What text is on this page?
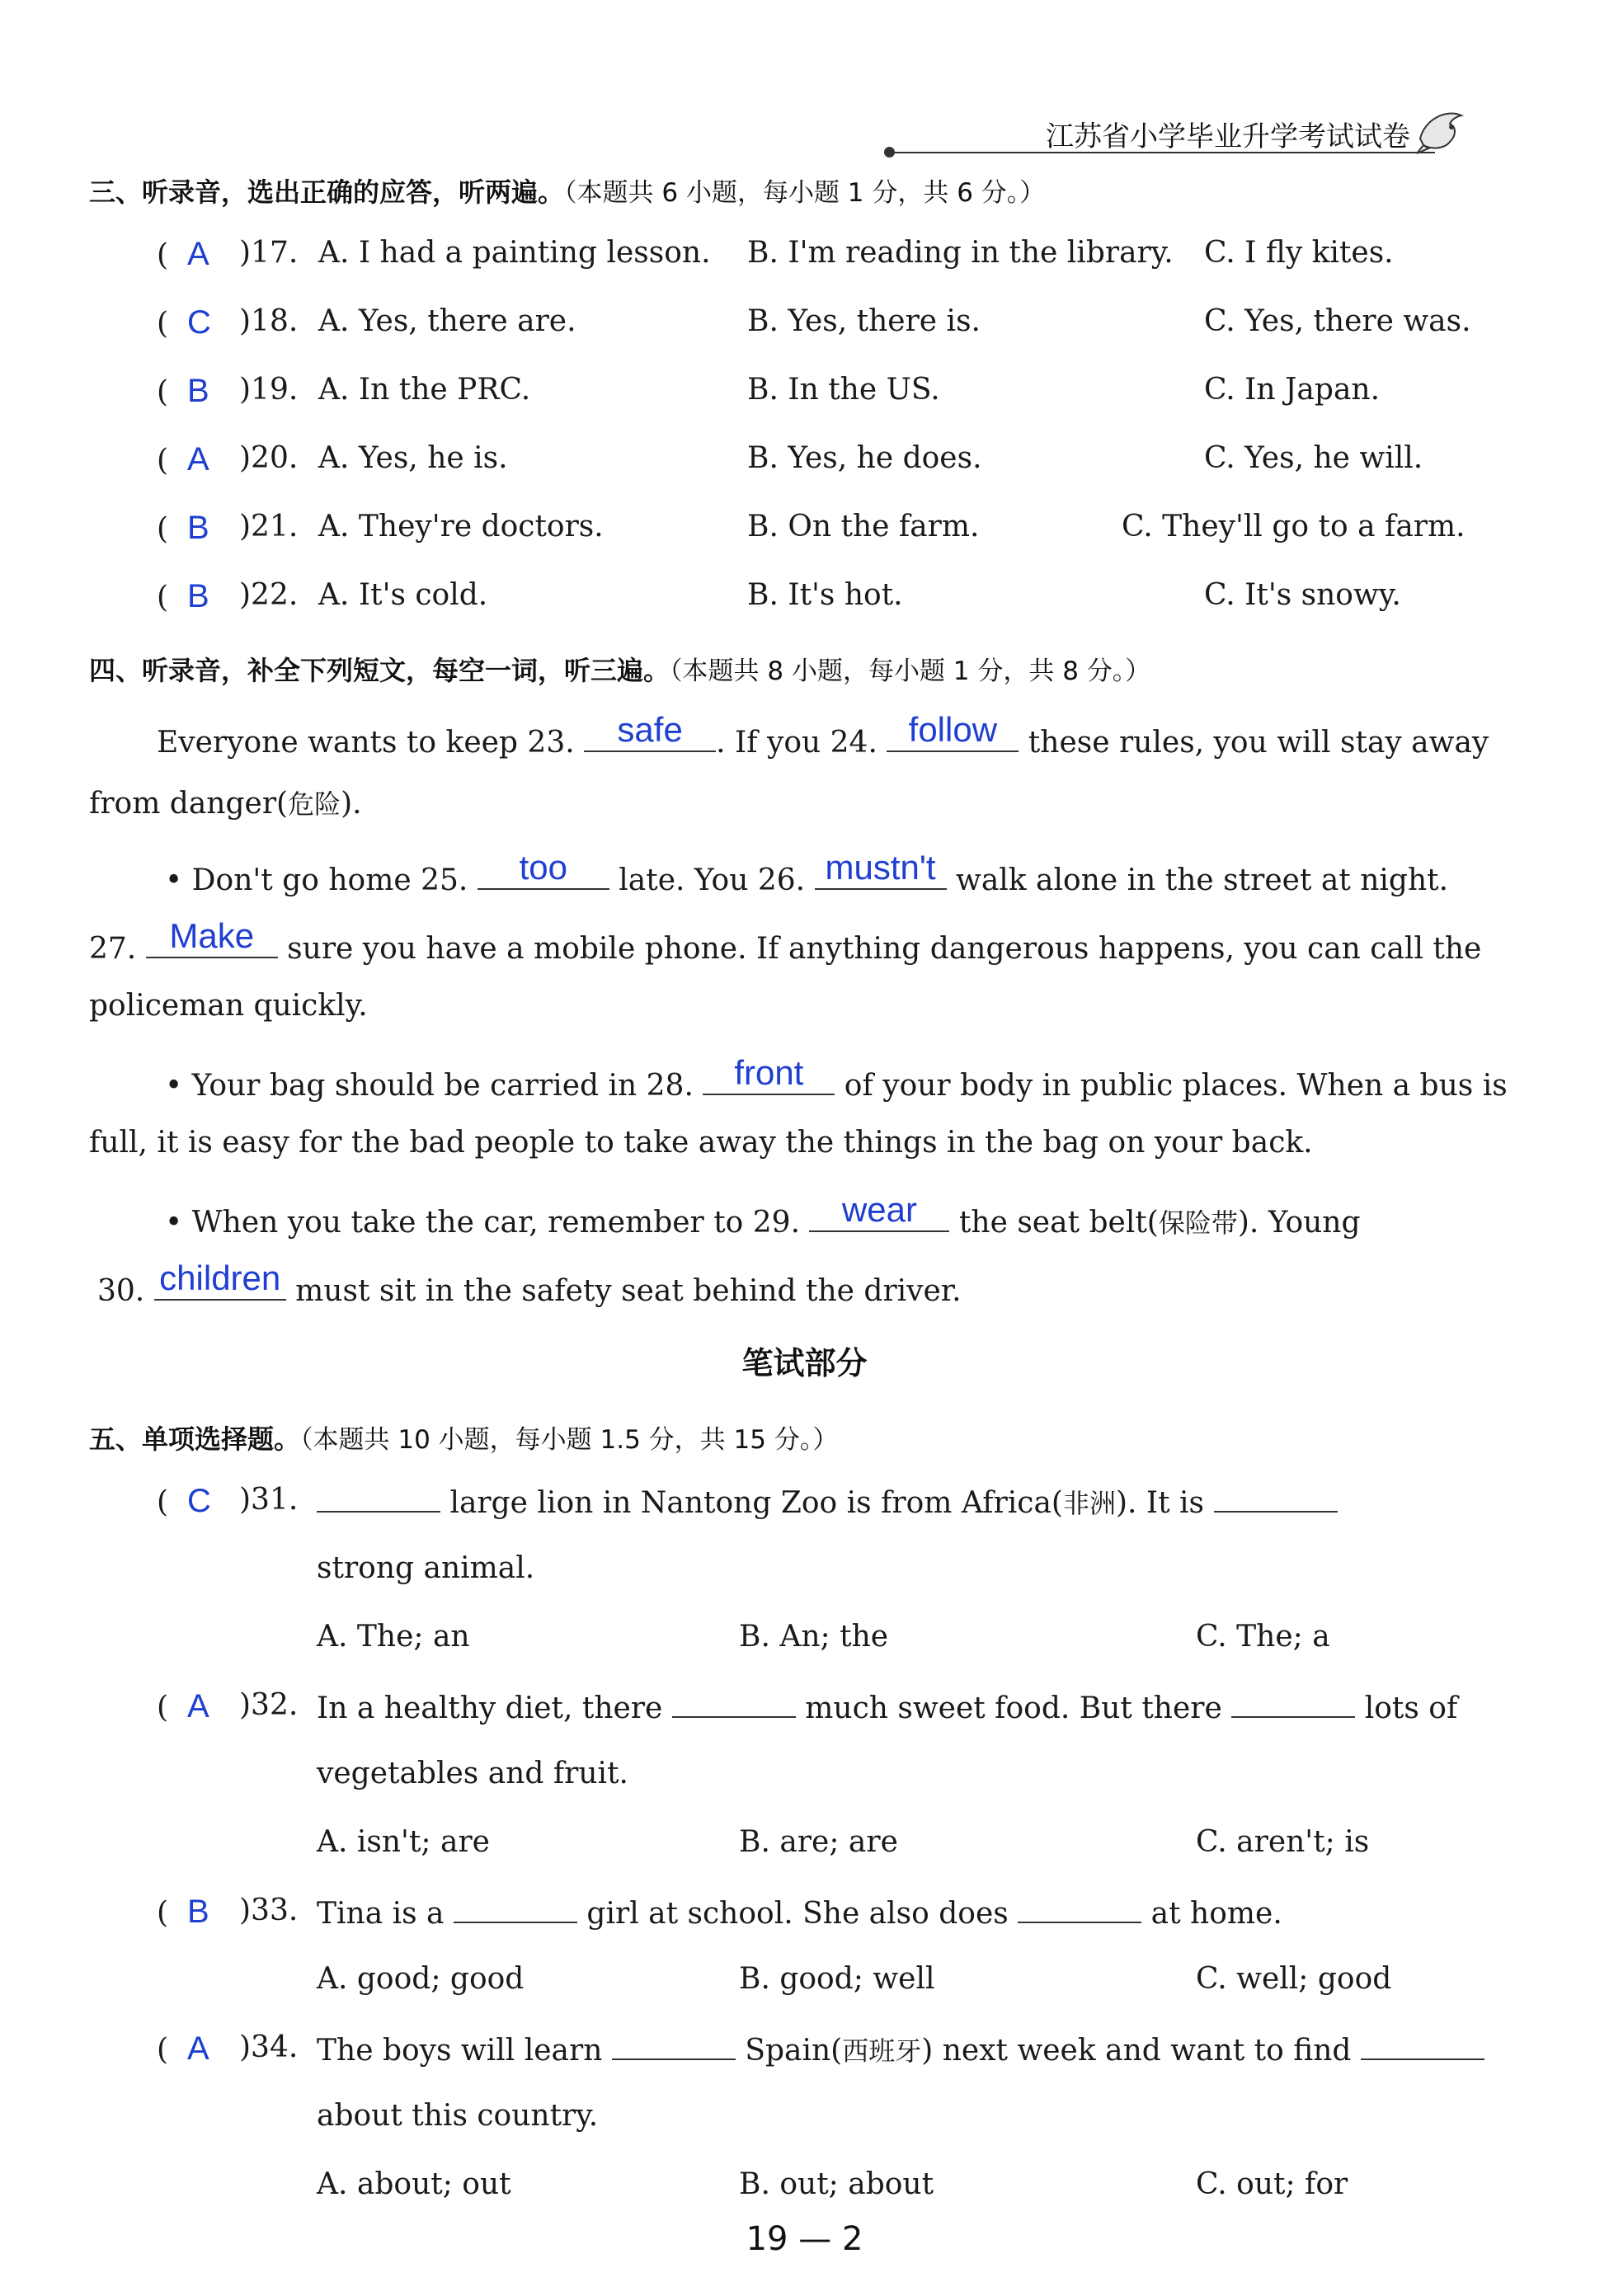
江苏省小学毕业升学考试试卷
三、听录音，选出正确的应答，听两遍。（本题共 6 小题，每小题 1 分，共 6 分。）
(  A )17. A. I had a painting lesson. B. I'm reading in the library. C. I fly kites.
(  C )18. A. Yes, there are.	B. Yes, there is.	C. Yes, there was.
(  B )19. A. In the PRC.	B. In the US.	C. In Japan.
(  A )20. A. Yes, he is.	B. Yes, he does.	C. Yes, he will.
(  B )21. A. They're doctors.	B. On the farm.	C. They'll go to a farm.
(  B )22. A. It's cold.	B. It's hot.	C. It's snowy.
四、听录音，补全下列短文，每空一词，听三遍。（本题共 8 小题，每小题 1 分，共 8 分。）
Everyone wants to keep 23.	safe	. If you 24. follow these rules, you will stay away
from danger(危险).
• Don't go home 25.	too	late. You 26. mustn't walk alone in the street at night.
27. Make sure you have a mobile phone. If anything dangerous happens, you can call the
policeman quickly.
• Your bag should be carried in 28.	front	of your body in public places. When a bus is
full, it is easy for the bad people to take away the things in the bag on your back.
• When you take the car, remember to 29.	wear	the seat belt(保险带). Young
30. children must sit in the safety seat behind the driver.
笔试部分
五、单项选择题。（本题共 10 小题，每小题 1.5 分，共 15 分。）
(  C )31.	large lion in Nantong Zoo is from Africa(非洲). It is
strong animal.
A. The; an	B. An; the	C. The; a
(  A )32. In a healthy diet, there	much sweet food. But there	lots of
vegetables and fruit.
A. isn't; are	B. are; are	C. aren't; is
(  B )33. Tina is a	girl at school. She also does	at home.
A. good; good	B. good; well	C. well; good
(  A )34. The boys will learn	Spain(西班牙) next week and want to find
about this country.
A. about; out	B. out; about	C. out; for
19 — 2
